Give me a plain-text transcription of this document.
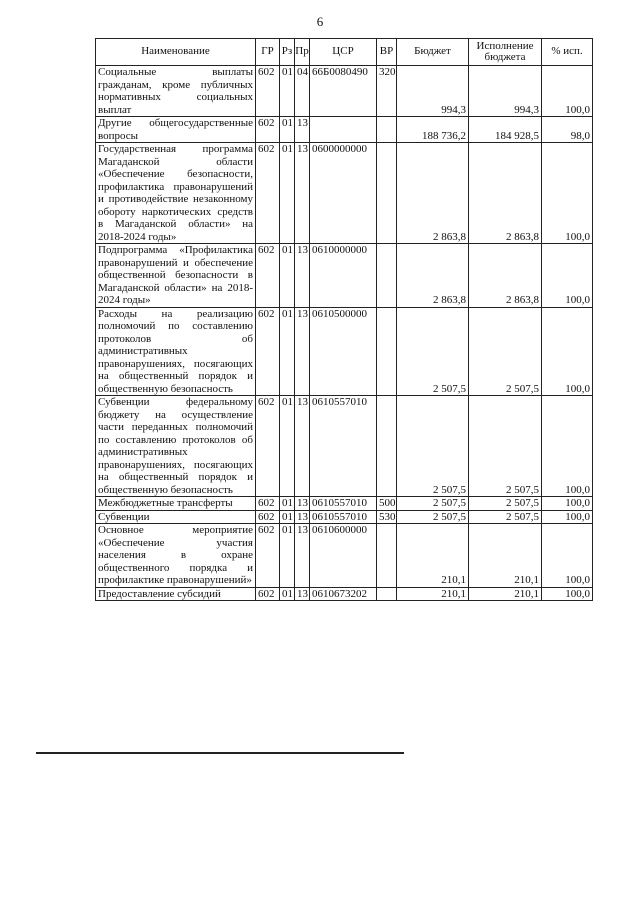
6
Наименование	ГР	Рз	Пр	ЦСР	ВР	Бюджет	Исполнение бюджета	% исп.
Социальные выплаты гражданам, кроме публичных нормативных социальных выплат	602	01	04	66Б0080490	320	994,3	994,3	100,0
Другие общегосударственные вопросы	602	01	13			188 736,2	184 928,5	98,0
Государственная программа Магаданской области «Обеспечение безопасности, профилактика правонарушений и противодействие незаконному обороту наркотических средств в Магаданской области» на 2018-2024 годы»	602	01	13	0600000000		2 863,8	2 863,8	100,0
Подпрограмма «Профилактика правонарушений и обеспечение общественной безопасности в Магаданской области» на 2018-2024 годы»	602	01	13	0610000000		2 863,8	2 863,8	100,0
Расходы на реализацию полномочий по составлению протоколов об административных правонарушениях, посягающих на общественный порядок и общественную безопасность	602	01	13	0610500000		2 507,5	2 507,5	100,0
Субвенции федеральному бюджету на осуществление части переданных полномочий по составлению протоколов об административных правонарушениях, посягающих на общественный порядок и общественную безопасность	602	01	13	0610557010		2 507,5	2 507,5	100,0
Межбюджетные трансферты	602	01	13	0610557010	500	2 507,5	2 507,5	100,0
Субвенции	602	01	13	0610557010	530	2 507,5	2 507,5	100,0
Основное мероприятие «Обеспечение участия населения в охране общественного порядка и профилактике правонарушений»	602	01	13	0610600000		210,1	210,1	100,0
Предоставление субсидий	602	01	13	0610673202		210,1	210,1	100,0
